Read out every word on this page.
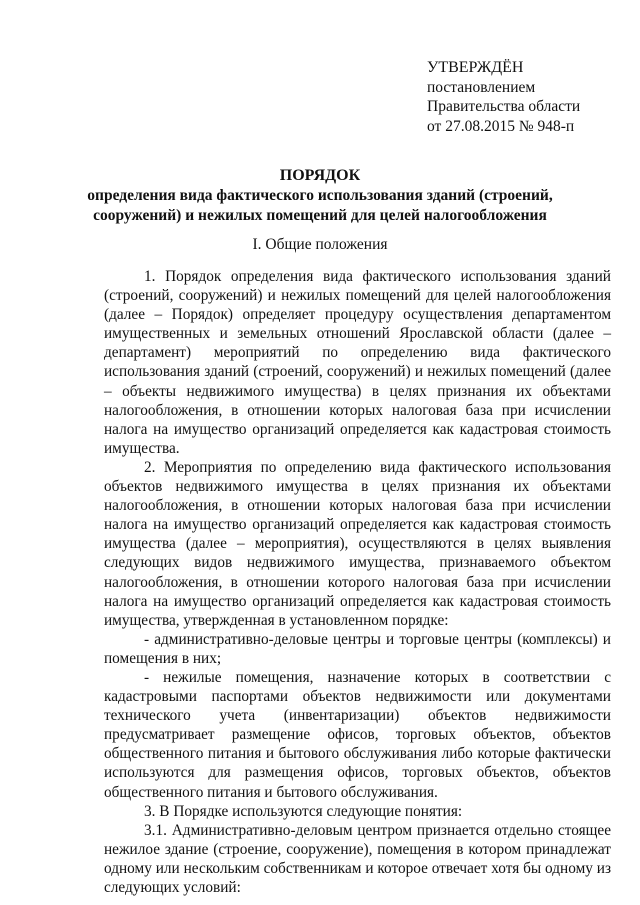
УТВЕРЖДЁН
постановлением
Правительства области
от 27.08.2015 № 948-п
ПОРЯДОК
определения вида фактического использования зданий (строений, сооружений) и нежилых помещений для целей налогообложения
I. Общие положения

1. Порядок определения вида фактического использования зданий (строений, сооружений) и нежилых помещений для целей налогообложения (далее – Порядок) определяет процедуру осуществления департаментом имущественных и земельных отношений Ярославской области (далее – департамент) мероприятий по определению вида фактического использования зданий (строений, сооружений) и нежилых помещений (далее – объекты недвижимого имущества) в целях признания их объектами налогообложения, в отношении которых налоговая база при исчислении налога на имущество организаций определяется как кадастровая стоимость имущества.

2. Мероприятия по определению вида фактического использования объектов недвижимого имущества в целях признания их объектами налогообложения, в отношении которых налоговая база при исчислении налога на имущество организаций определяется как кадастровая стоимость имущества (далее – мероприятия), осуществляются в целях выявления следующих видов недвижимого имущества, признаваемого объектом налогообложения, в отношении которого налоговая база при исчислении налога на имущество организаций определяется как кадастровая стоимость имущества, утвержденная в установленном порядке:

- административно-деловые центры и торговые центры (комплексы) и помещения в них;

- нежилые помещения, назначение которых в соответствии с кадастровыми паспортами объектов недвижимости или документами технического учета (инвентаризации) объектов недвижимости предусматривает размещение офисов, торговых объектов, объектов общественного питания и бытового обслуживания либо которые фактически используются для размещения офисов, торговых объектов, объектов общественного питания и бытового обслуживания.

3. В Порядке используются следующие понятия:

3.1. Административно-деловым центром признается отдельно стоящее нежилое здание (строение, сооружение), помещения в котором принадлежат одному или нескольким собственникам и которое отвечает хотя бы одному из следующих условий:
